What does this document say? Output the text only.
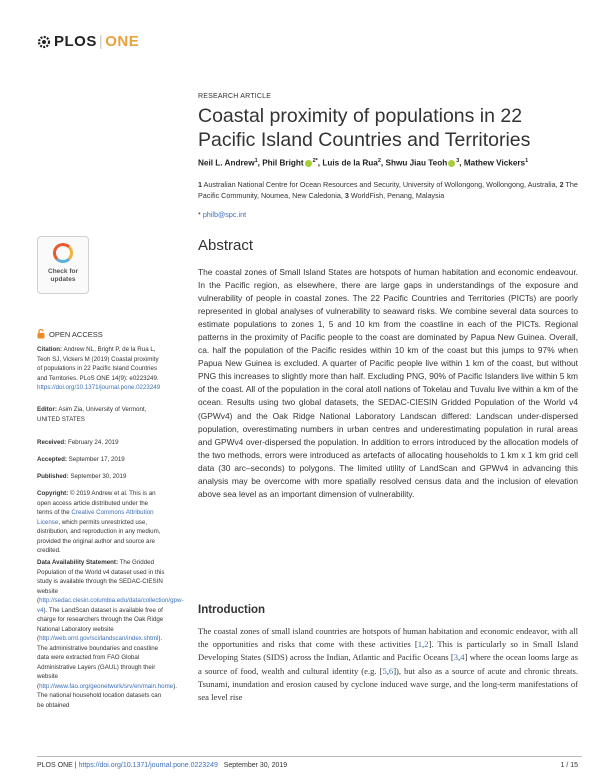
PLOS | ONE
RESEARCH ARTICLE
Coastal proximity of populations in 22 Pacific Island Countries and Territories
Neil L. Andrew$^1$, Phil Bright $^{2*}$, Luis de la Rua$^2$, Shwu Jiau Teoh $^3$, Mathew Vickers$^1$
1 Australian National Centre for Ocean Resources and Security, University of Wollongong, Wollongong, Australia, 2 The Pacific Community, Noumea, New Caledonia, 3 WorldFish, Penang, Malaysia
* philb@spc.int
Abstract
The coastal zones of Small Island States are hotspots of human habitation and economic endeavour. In the Pacific region, as elsewhere, there are large gaps in understandings of the exposure and vulnerability of people in coastal zones. The 22 Pacific Countries and Territories (PICTs) are poorly represented in global analyses of vulnerability to seaward risks. We combine several data sources to estimate populations to zones 1, 5 and 10 km from the coastline in each of the PICTs. Regional patterns in the proximity of Pacific people to the coast are dominated by Papua New Guinea. Overall, ca. half the population of the Pacific resides within 10 km of the coast but this jumps to 97% when Papua New Guinea is excluded. A quarter of Pacific people live within 1 km of the coast, but without PNG this increases to slightly more than half. Excluding PNG, 90% of Pacific Islanders live within 5 km of the coast. All of the population in the coral atoll nations of Tokelau and Tuvalu live within a km of the ocean. Results using two global datasets, the SEDAC-CIESIN Gridded Population of the World v4 (GPWv4) and the Oak Ridge National Laboratory Landscan differed: Landscan under-dispersed population, overestimating numbers in urban centres and underestimating population in rural areas and GPWv4 over-dispersed the population. In addition to errors introduced by the allocation models of the two methods, errors were introduced as artefacts of allocating households to 1 km x 1 km grid cell data (30 arc–seconds) to polygons. The limited utility of LandScan and GPWv4 in advancing this analysis may be overcome with more spatially resolved census data and the inclusion of elevation above sea level as an important dimension of vulnerability.
Introduction
The coastal zones of small island countries are hotspots of human habitation and economic endeavor, with all the opportunities and risks that come with these activities [1,2]. This is particularly so in Small Island Developing States (SIDS) across the Indian, Atlantic and Pacific Oceans [3,4] where the ocean looms large as a source of food, wealth and cultural identity (e.g. [5,6]), but also as a source of acute and chronic threats. Tsunami, inundation and erosion caused by cyclone induced wave surge, and the long-term manifestations of sea level rise
Check for updates
OPEN ACCESS
Citation: Andrew NL, Bright P, de la Rua L, Teoh SJ, Vickers M (2019) Coastal proximity of populations in 22 Pacific Island Countries and Territories. PLoS ONE 14(9): e0223249. https://doi.org/10.1371/journal.pone.0223249
Editor: Asim Zia, University of Vermont, UNITED STATES
Received: February 24, 2019
Accepted: September 17, 2019
Published: September 30, 2019
Copyright: © 2019 Andrew et al. This is an open access article distributed under the terms of the Creative Commons Attribution License, which permits unrestricted use, distribution, and reproduction in any medium, provided the original author and source are credited.
Data Availability Statement: The Gridded Population of the World v4 dataset used in this study is available through the SEDAC-CIESIN website (http://sedac.ciesin.columbia.edu/data/collection/gpw-v4). The LandScan dataset is available free of charge for researchers through the Oak Ridge National Laboratory website (http://web.ornl.gov/sci/landscan/index.shtml). The administrative boundaries and coastline data were extracted from FAO Global Administrative Layers (GAUL) through their website (http://www.fao.org/geonetwork/srv/en/main.home). The national household location datasets can be obtained
PLOS ONE | https://doi.org/10.1371/journal.pone.0223249 September 30, 2019	1 / 15
